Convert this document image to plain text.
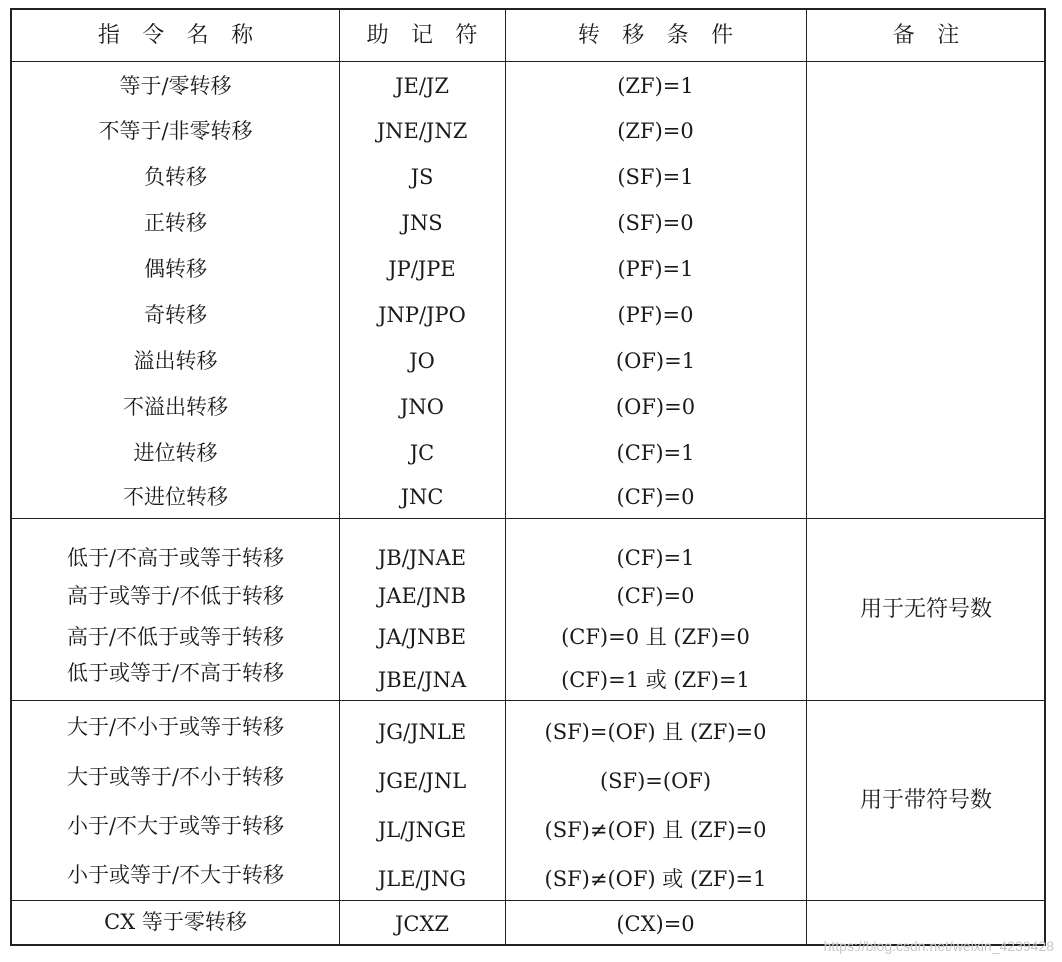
指 令 名 称	助 记 符	转 移 条 件	备 注
等于/零转移	JE/JZ	(ZF)=1
不等于/非零转移	JNE/JNZ	(ZF)=0
负转移	JS	(SF)=1
正转移	JNS	(SF)=0
偶转移	JP/JPE	(PF)=1
奇转移	JNP/JPO	(PF)=0
溢出转移	JO	(OF)=1
不溢出转移	JNO	(OF)=0
进位转移	JC	(CF)=1
不进位转移	JNC	(CF)=0
低于/不高于或等于转移	JB/JNAE	(CF)=1
高于或等于/不低于转移	JAE/JNB	(CF)=0
高于/不低于或等于转移	JA/JNBE	(CF)=0 且 (ZF)=0
低于或等于/不高于转移	JBE/JNA	(CF)=1 或 (ZF)=1
用于无符号数
大于/不小于或等于转移	JG/JNLE	(SF)=(OF) 且 (ZF)=0
大于或等于/不小于转移	JGE/JNL	(SF)=(OF)
小于/不大于或等于转移	JL/JNGE	(SF)≠(OF) 且 (ZF)=0
小于或等于/不大于转移	JLE/JNG	(SF)≠(OF) 或 (ZF)=1
用于带符号数
CX 等于零转移	JCXZ	(CX)=0
https://blog.csdn.net/weixin_4239428
